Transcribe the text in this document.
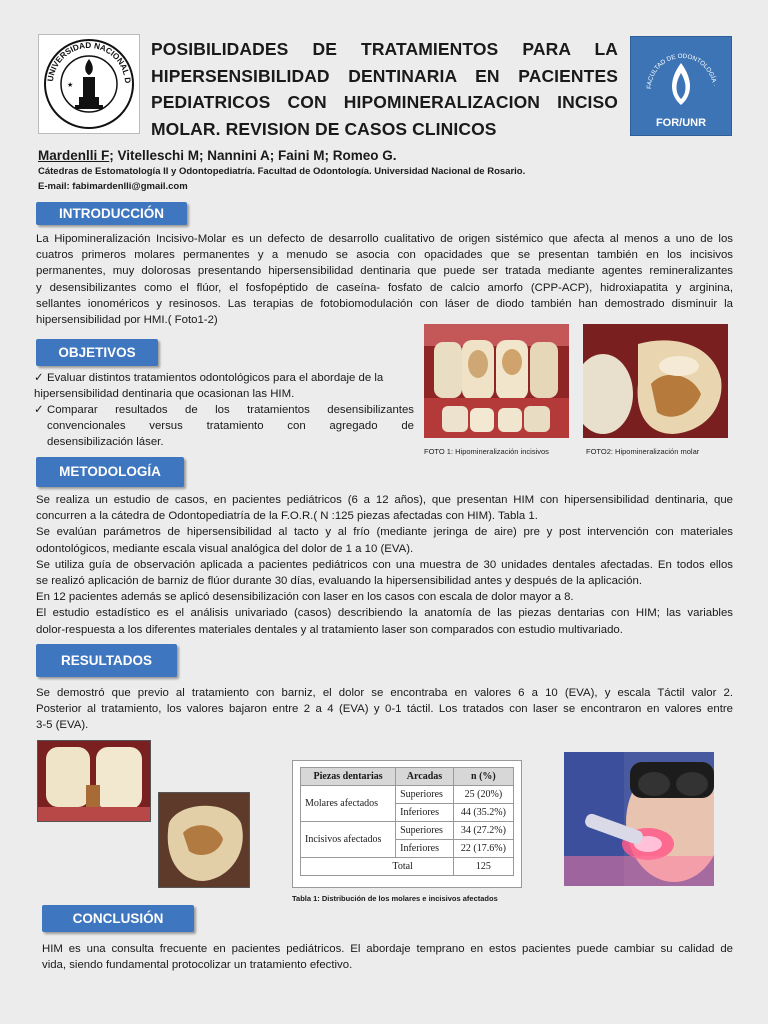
UNIVERSIDAD NACIONAL D
★
POSIBILIDADES DE TRATAMIENTOS PARA LA
HIPERSENSIBILIDAD DENTINARIA EN PACIENTES
PEDIATRICOS CON HIPOMINERALIZACION INCISO
MOLAR. REVISION DE CASOS CLINICOS
FACULTAD DE ODONTOLOGÍA ·
FOR/UNR
Mardenlli F; Vitelleschi M; Nannini A; Faini M; Romeo G.
Cátedras de Estomatología II y Odontopediatría. Facultad de Odontología. Universidad Nacional de Rosario.
E-mail: fabimardenlli@gmail.com
INTRODUCCIÓN
La Hipomineralización Incisivo-Molar es un defecto de desarrollo cualitativo de origen sistémico que afecta al menos a uno de los
cuatros primeros molares permanentes y a menudo se asocia con opacidades que se presentan también en los incisivos
permanentes, muy dolorosas presentando hipersensibilidad dentinaria que puede ser tratada mediante agentes remineralizantes
y desensibilizantes como el flúor, el fosfopéptido de caseína- fosfato de calcio amorfo (CPP-ACP), hidroxiapatita y arginina,
sellantes ionoméricos y resinosos. Las terapias de fotobiomodulación con láser de diodo también han demostrado disminuir la
hipersensibilidad por HMI.( Foto1-2)
OBJETIVOS
✓ Evaluar distintos tratamientos odontológicos para el abordaje de la
hipersensibilidad dentinaria que ocasionan las HIM.
✓ Comparar resultados de los tratamientos desensibilizantes
convencionales versus tratamiento con agregado de
desensibilización láser.
FOTO 1: Hipomineralización incisivos	FOTO2: Hipomineralización molar
METODOLOGÍA
Se realiza un estudio de casos, en pacientes pediátricos (6 a 12 años), que presentan HIM con hipersensibilidad dentinaria, que
concurren a la cátedra de Odontopediatría de la F.O.R.( N :125 piezas afectadas con HIM). Tabla 1.
Se evalúan parámetros de hipersensibilidad al tacto y al frío (mediante jeringa de aire) pre y post intervención con materiales
odontológicos, mediante escala visual analógica del dolor de 1 a 10 (EVA).
Se utiliza guía de observación aplicada a pacientes pediátricos con una muestra de 30 unidades dentales afectadas. En todos ellos
se realizó aplicación de barniz de flúor durante 30 días, evaluando la hipersensibilidad antes y después de la aplicación.
En 12 pacientes además se aplicó desensibilización con laser en los casos con escala de dolor mayor a 8.
El estudio estadístico es el análisis univariado (casos) describiendo la anatomía de las piezas dentarias con HIM; las variables
dolor-respuesta a los diferentes materiales dentales y al tratamiento laser son comparados con estudio multivariado.
RESULTADOS
Se demostró que previo al tratamiento con barniz, el dolor se encontraba en valores 6 a 10 (EVA), y escala Táctil valor 2.
Posterior al tratamiento, los valores bajaron entre 2 a 4 (EVA) y 0-1 táctil. Los tratados con laser se encontraron en valores entre
3-5 (EVA).
Piezas dentarias	Arcadas	n (%)
Molares afectados	Superiores	25 (20%)
	Inferiores	44 (35.2%)
Incisivos afectados	Superiores	34 (27.2%)
	Inferiores	22 (17.6%)
Total		125
Tabla 1: Distribución de los molares e incisivos afectados
CONCLUSIÓN
HIM es una consulta frecuente en pacientes pediátricos. El abordaje temprano en estos pacientes puede cambiar su calidad de
vida, siendo fundamental protocolizar un tratamiento efectivo.
